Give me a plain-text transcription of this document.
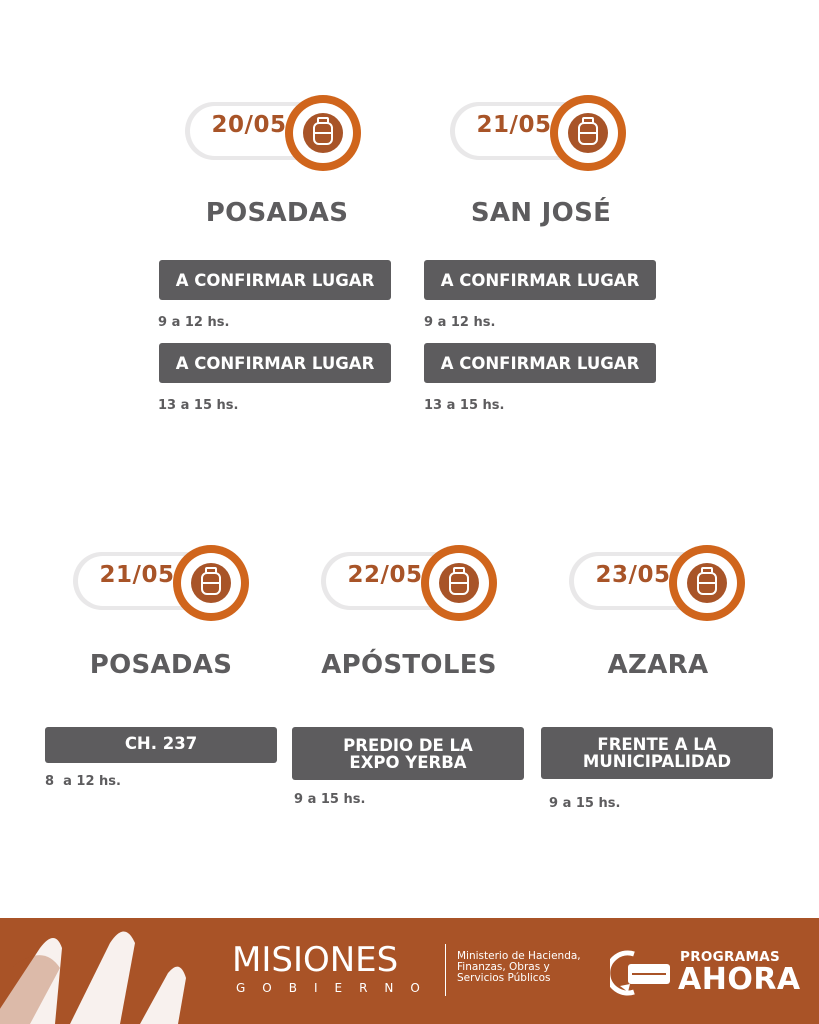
20/05
POSADAS
A CONFIRMAR LUGAR
9 a 12 hs.
A CONFIRMAR LUGAR
13 a 15 hs.
21/05
SAN JOSÉ
A CONFIRMAR LUGAR
9 a 12 hs.
A CONFIRMAR LUGAR
13 a 15 hs.
21/05
POSADAS
CH. 237
8  a 12 hs.
22/05
APÓSTOLES
PREDIO DE LA
EXPO YERBA
9 a 15 hs.
23/05
AZARA
FRENTE A LA
MUNICIPALIDAD
9 a 15 hs.
MISIONES
GOBIERNO
Ministerio de Hacienda,
Finanzas, Obras y
Servicios Públicos
PROGRAMAS
AHORA
